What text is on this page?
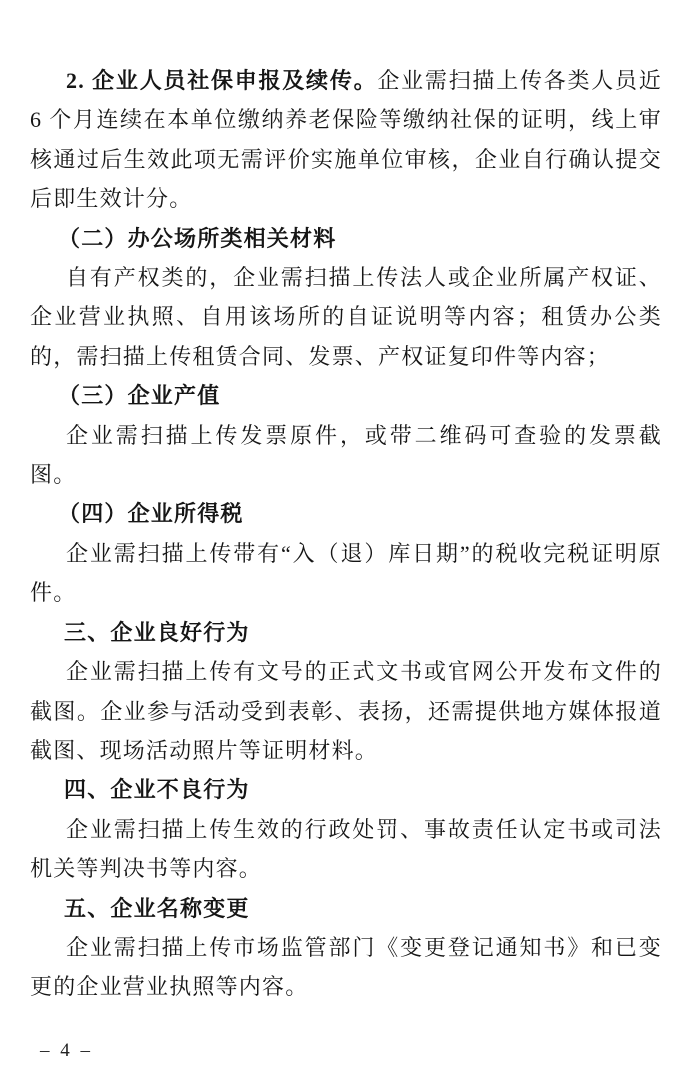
2. 企业人员社保申报及续传。企业需扫描上传各类人员近 6 个月连续在本单位缴纳养老保险等缴纳社保的证明，线上审核通过后生效此项无需评价实施单位审核，企业自行确认提交后即生效计分。

（二）办公场所类相关材料

自有产权类的，企业需扫描上传法人或企业所属产权证、企业营业执照、自用该场所的自证说明等内容；租赁办公类的，需扫描上传租赁合同、发票、产权证复印件等内容；

（三）企业产值

企业需扫描上传发票原件，或带二维码可查验的发票截图。

（四）企业所得税

企业需扫描上传带有“入（退）库日期”的税收完税证明原件。

三、企业良好行为

企业需扫描上传有文号的正式文书或官网公开发布文件的截图。企业参与活动受到表彰、表扬，还需提供地方媒体报道截图、现场活动照片等证明材料。

四、企业不良行为

企业需扫描上传生效的行政处罚、事故责任认定书或司法机关等判决书等内容。

五、企业名称变更

企业需扫描上传市场监管部门《变更登记通知书》和已变更的企业营业执照等内容。

– 4 –
